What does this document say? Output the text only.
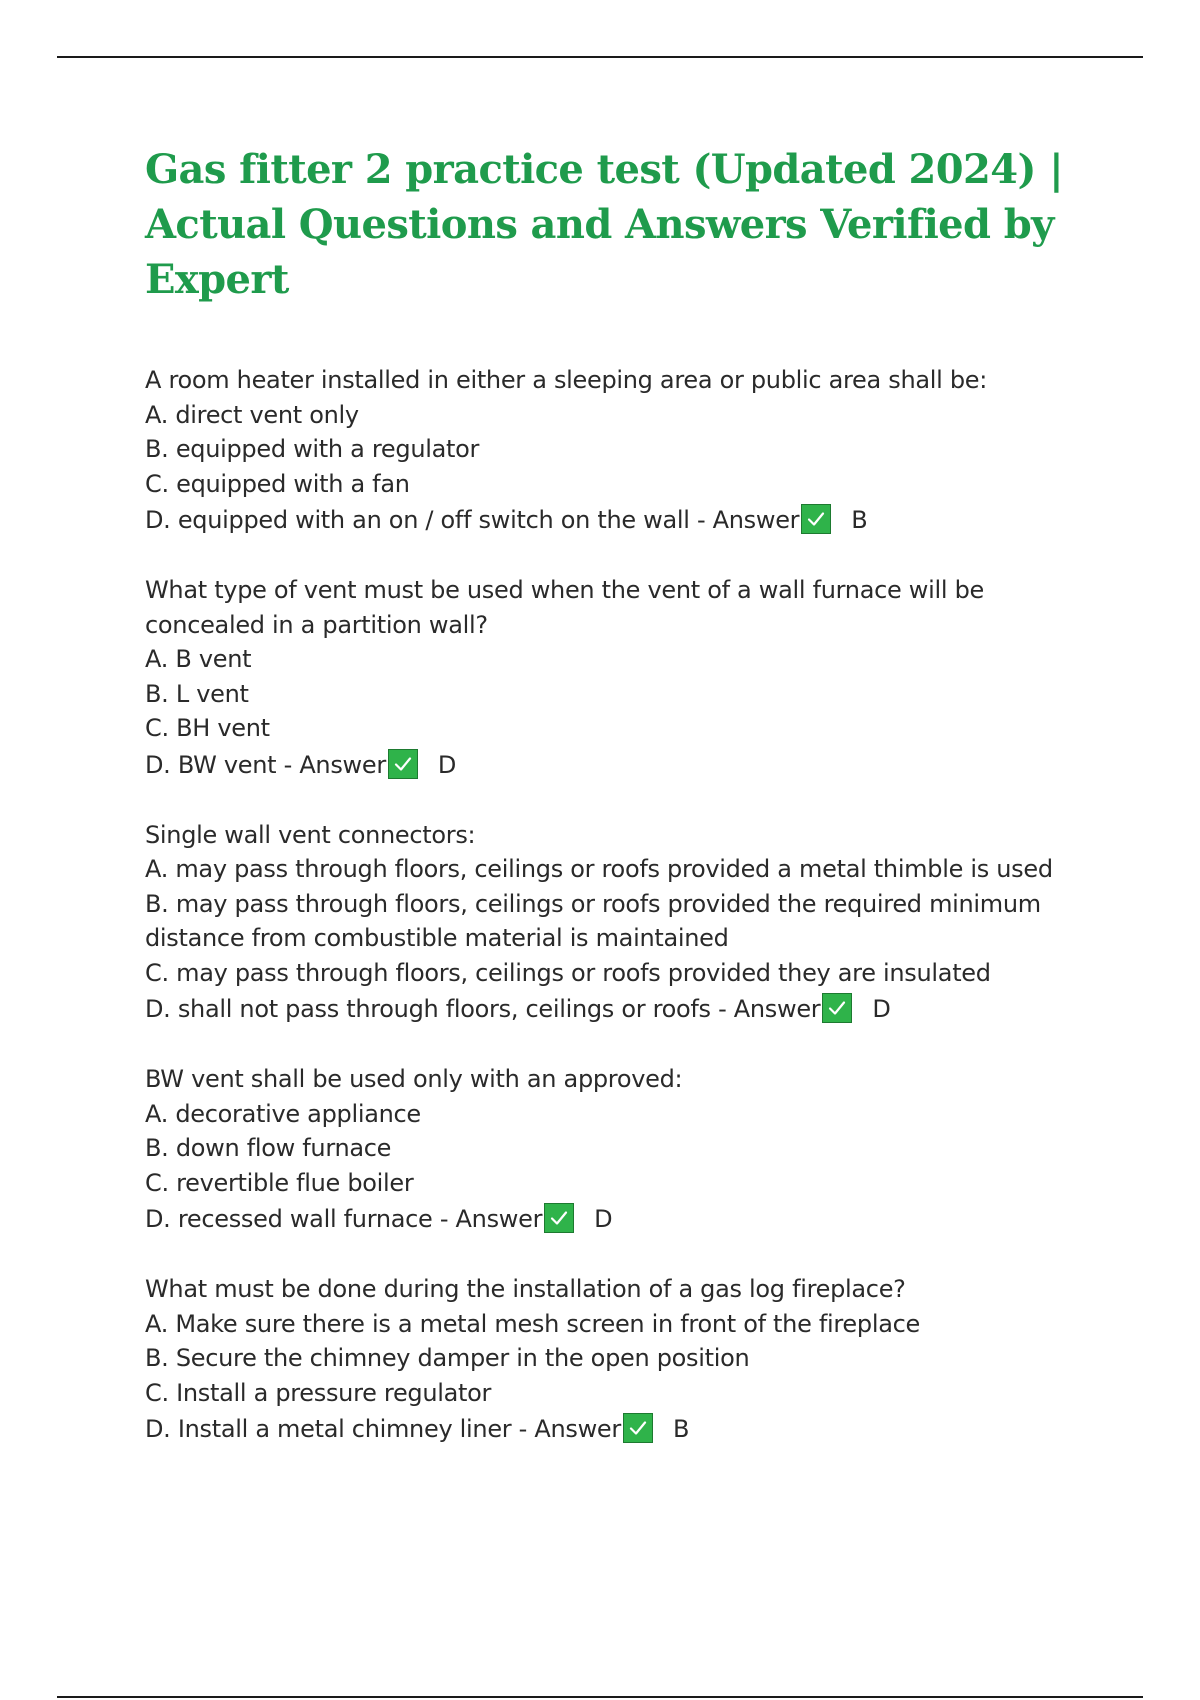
Gas fitter 2 practice test (Updated 2024) | Actual Questions and Answers Verified by Expert
A room heater installed in either a sleeping area or public area shall be:
A. direct vent only
B. equipped with a regulator
C. equipped with a fan
D. equipped with an on / off switch on the wall - Answer B
What type of vent must be used when the vent of a wall furnace will be concealed in a partition wall?
A. B vent
B. L vent
C. BH vent
D. BW vent - Answer D
Single wall vent connectors:
A. may pass through floors, ceilings or roofs provided a metal thimble is used
B. may pass through floors, ceilings or roofs provided the required minimum distance from combustible material is maintained
C. may pass through floors, ceilings or roofs provided they are insulated
D. shall not pass through floors, ceilings or roofs - Answer D
BW vent shall be used only with an approved:
A. decorative appliance
B. down flow furnace
C. revertible flue boiler
D. recessed wall furnace - Answer D
What must be done during the installation of a gas log fireplace?
A. Make sure there is a metal mesh screen in front of the fireplace
B. Secure the chimney damper in the open position
C. Install a pressure regulator
D. Install a metal chimney liner - Answer B
